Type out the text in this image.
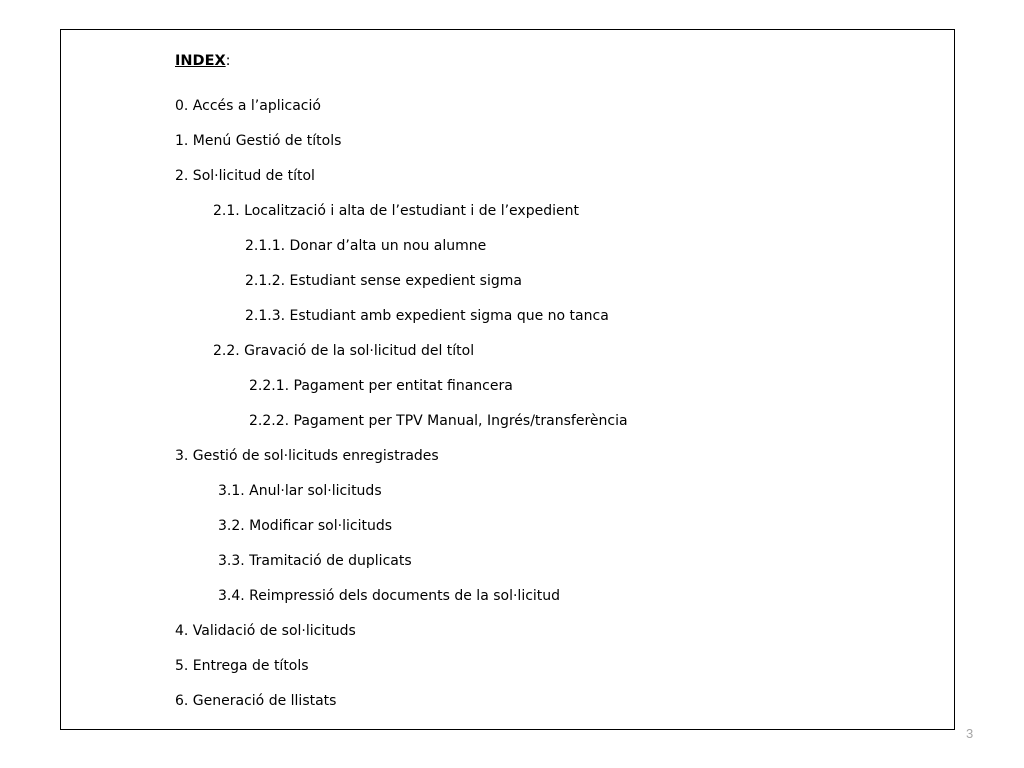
INDEX:
0. Accés a l’aplicació
1. Menú Gestió de títols
2. Sol·licitud de títol
2.1. Localització i alta de l’estudiant i de l’expedient
2.1.1. Donar d’alta un nou alumne
2.1.2. Estudiant sense expedient sigma
2.1.3. Estudiant amb expedient sigma que no tanca
2.2. Gravació de la sol·licitud del títol
2.2.1. Pagament per entitat financera
2.2.2. Pagament per TPV Manual, Ingrés/transferència
3. Gestió de sol·licituds enregistrades
3.1. Anul·lar sol·licituds
3.2. Modificar sol·licituds
3.3. Tramitació de duplicats
3.4. Reimpressió dels documents de la sol·licitud
4. Validació de sol·licituds
5. Entrega de títols
6. Generació de llistats
3
